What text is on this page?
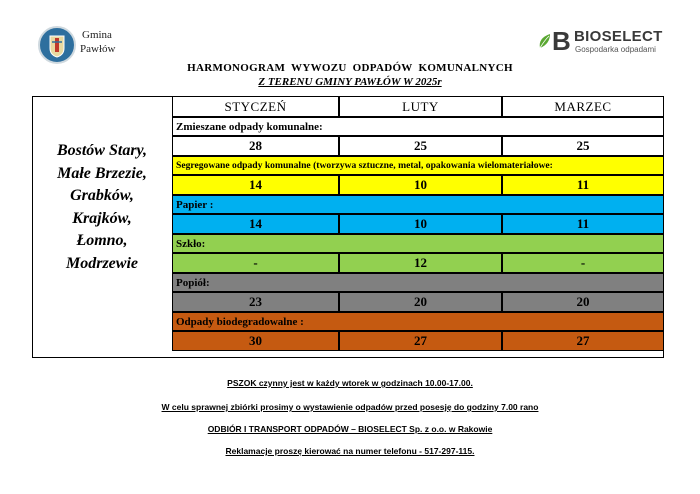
Gmina
Pawłów	B BIOSELECT
Gospodarka odpadami
HARMONOGRAM WYWOZU ODPADÓW KOMUNALNYCH
Z TERENU GMINY PAWŁÓW W 2025r
Bostów Stary,
Małe Brzezie,
Grabków,
Krajków,
Łomno,
Modrzewie
STYCZEŃ	LUTY	MARZEC
Zmieszane odpady komunalne:
28	25	25
Segregowane odpady komunalne (tworzywa sztuczne, metal, opakowania wielomateriałowe:
14	10	11
Papier :
14	10	11
Szkło:
-	12	-
Popiół:
23	20	20
Odpady biodegradowalne :
30	27	27
PSZOK czynny jest w każdy wtorek w godzinach 10.00-17.00.
W celu sprawnej zbiórki prosimy o wystawienie odpadów przed posesję do godziny 7.00 rano
ODBIÓR I TRANSPORT ODPADÓW – BIOSELECT Sp. z o.o. w Rakowie
Reklamacje proszę kierować na numer telefonu - 517-297-115.
